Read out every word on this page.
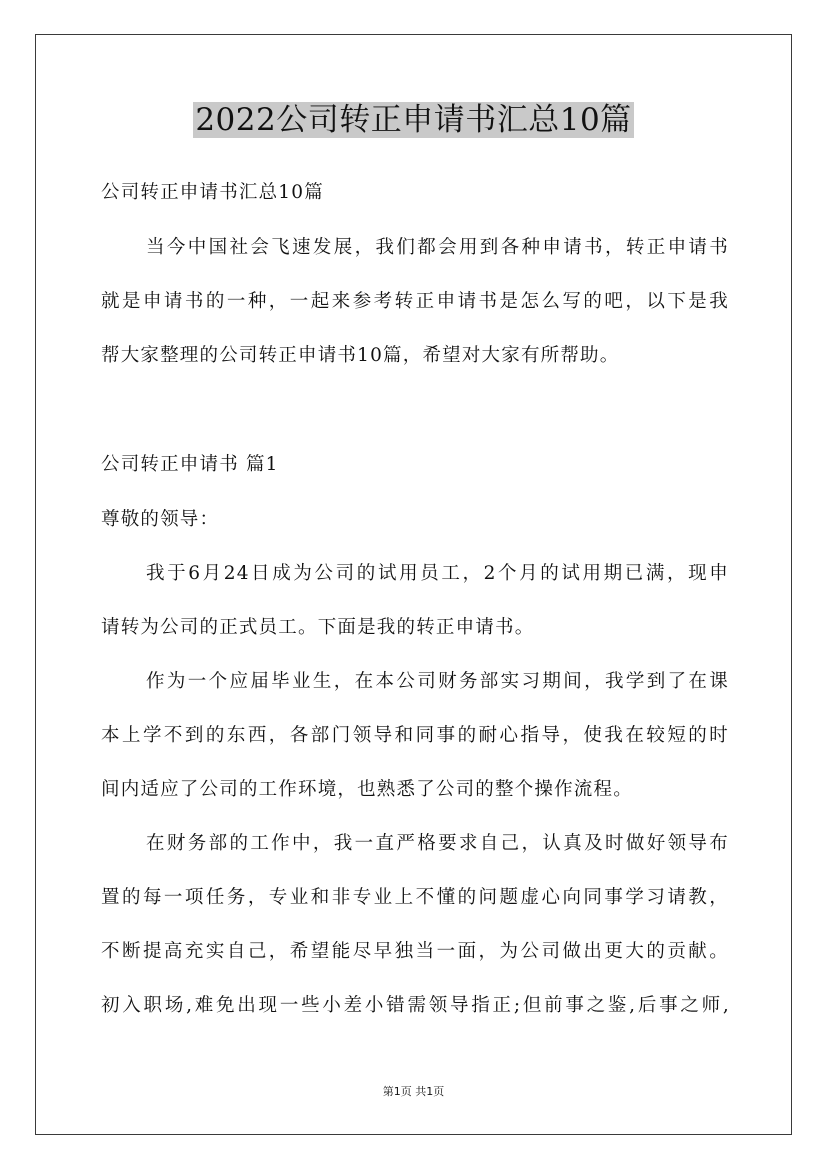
2022公司转正申请书汇总10篇

公司转正申请书汇总10篇

当今中国社会飞速发展，我们都会用到各种申请书，转正申请书

就是申请书的一种，一起来参考转正申请书是怎么写的吧，以下是我

帮大家整理的公司转正申请书10篇，希望对大家有所帮助。

公司转正申请书 篇1

尊敬的领导：

我于6月24日成为公司的试用员工，2个月的试用期已满，现申

请转为公司的正式员工。下面是我的转正申请书。

作为一个应届毕业生，在本公司财务部实习期间，我学到了在课

本上学不到的东西，各部门领导和同事的耐心指导，使我在较短的时

间内适应了公司的工作环境，也熟悉了公司的整个操作流程。

在财务部的工作中，我一直严格要求自己，认真及时做好领导布

置的每一项任务，专业和非专业上不懂的问题虚心向同事学习请教，

不断提高充实自己，希望能尽早独当一面，为公司做出更大的贡献。

初入职场,难免出现一些小差小错需领导指正;但前事之鉴,后事之师,

第1页 共1页
